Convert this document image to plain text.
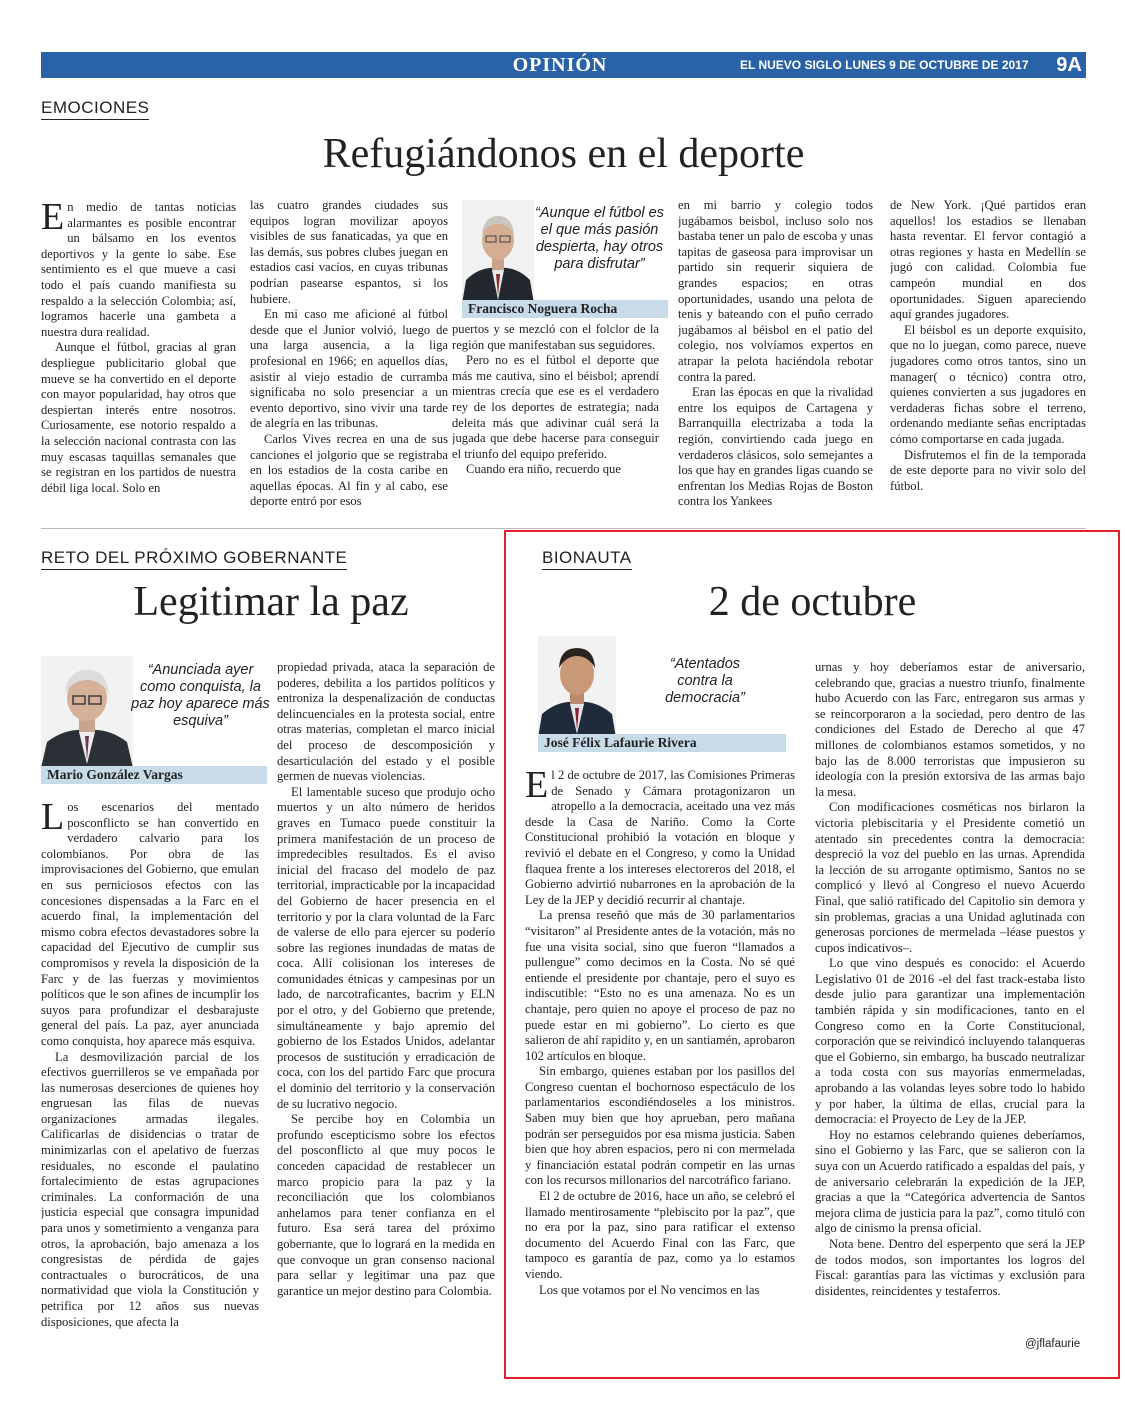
OPINIÓN	EL NUEVO SIGLO LUNES 9 DE OCTUBRE DE 2017	9A
EMOCIONES
Refugiándonos en el deporte

En medio de tantas noticias alarmantes es posible encontrar un bálsamo en los eventos deportivos y la gente lo sabe. Ese sentimiento es el que mueve a casi todo el país cuando manifiesta su respaldo a la selección Colombia; así, logramos hacerle una gambeta a nuestra dura realidad.

Aunque el fútbol, gracias al gran despliegue publicitario global que mueve se ha convertido en el deporte con mayor popularidad, hay otros que despiertan interés entre nosotros. Curiosamente, ese notorio respaldo a la selección nacional contrasta con las muy escasas taquillas semanales que se registran en los partidos de nuestra débil liga local. Solo en

las cuatro grandes ciudades sus equipos logran movilizar apoyos visibles de sus fanaticadas, ya que en las demás, sus pobres clubes juegan en estadios casi vacíos, en cuyas tribunas podrían pasearse espantos, si los hubiere.

En mi caso me aficioné al fútbol desde que el Junior volvió, luego de una larga ausencia, a la liga profesional en 1966; en aquellos días, asistir al viejo estadio de curramba significaba no solo presenciar a un evento deportivo, sino vivir una tarde de alegría en las tribunas.

Carlos Vives recrea en una de sus canciones el jolgorio que se registraba en los estadios de la costa caribe en aquellas épocas. Al fin y al cabo, ese deporte entró por esos

“Aunque el fútbol es el que más pasión despierta, hay otros para disfrutar”
Francisco Noguera Rocha

puertos y se mezcló con el folclor de la región que manifestaban sus seguidores.

Pero no es el fútbol el deporte que más me cautiva, sino el béisbol; aprendí mientras crecía que ese es el verdadero rey de los deportes de estrategia; nada deleita más que adivinar cuál será la jugada que debe hacerse para conseguir el triunfo del equipo preferido.

Cuando era niño, recuerdo que

en mi barrio y colegio todos jugábamos beisbol, incluso solo nos bastaba tener un palo de escoba y unas tapitas de gaseosa para improvisar un partido sin requerir siquiera de grandes espacios; en otras oportunidades, usando una pelota de tenis y bateando con el puño cerrado jugábamos al béisbol en el patio del colegio, nos volvíamos expertos en atrapar la pelota haciéndola rebotar contra la pared.

Eran las épocas en que la rivalidad entre los equipos de Cartagena y Barranquilla electrizaba a toda la región, convirtiendo cada juego en verdaderos clásicos, solo semejantes a los que hay en grandes ligas cuando se enfrentan los Medias Rojas de Boston contra los Yankees

de New York. ¡Qué partidos eran aquellos! los estadios se llenaban hasta reventar. El fervor contagió a otras regiones y hasta en Medellín se jugó con calidad. Colombia fue campeón mundial en dos oportunidades. Siguen apareciendo aquí grandes jugadores.

El béisbol es un deporte exquisito, que no lo juegan, como parece, nueve jugadores como otros tantos, sino un manager( o técnico) contra otro, quienes convierten a sus jugadores en verdaderas fichas sobre el terreno, ordenando mediante señas encriptadas cómo comportarse en cada jugada.

Disfrutemos el fin de la temporada de este deporte para no vivir solo del fútbol.

RETO DEL PRÓXIMO GOBERNANTE
Legitimar la paz
“Anunciada ayer como conquista, la paz hoy aparece más esquiva”
Mario González Vargas

Los escenarios del mentado posconflicto se han convertido en verdadero calvario para los colombianos. Por obra de las improvisaciones del Gobierno, que emulan en sus perniciosos efectos con las concesiones dispensadas a la Farc en el acuerdo final, la implementación del mismo cobra efectos devastadores sobre la capacidad del Ejecutivo de cumplir sus compromisos y revela la disposición de la Farc y de las fuerzas y movimientos políticos que le son afines de incumplir los suyos para profundizar el desbarajuste general del país. La paz, ayer anunciada como conquista, hoy aparece más esquiva.

La desmovilización parcial de los efectivos guerrilleros se ve empañada por las numerosas deserciones de quienes hoy engruesan las filas de nuevas organizaciones armadas ilegales. Calificarlas de disidencias o tratar de minimizarlas con el apelativo de fuerzas residuales, no esconde el paulatino fortalecimiento de estas agrupaciones criminales. La conformación de una justicia especial que consagra impunidad para unos y sometimiento a venganza para otros, la aprobación, bajo amenaza a los congresistas de pérdida de gajes contractuales o burocráticos, de una normatividad que viola la Constitución y petrifica por 12 años sus nuevas disposiciones, que afecta la

propiedad privada, ataca la separación de poderes, debilita a los partidos políticos y entroniza la despenalización de conductas delincuenciales en la protesta social, entre otras materias, completan el marco inicial del proceso de descomposición y desarticulación del estado y el posible germen de nuevas violencias.

El lamentable suceso que produjo ocho muertos y un alto número de heridos graves en Tumaco puede constituir la primera manifestación de un proceso de impredecibles resultados. Es el aviso inicial del fracaso del modelo de paz territorial, impracticable por la incapacidad del Gobierno de hacer presencia en el territorio y por la clara voluntad de la Farc de valerse de ello para ejercer su poderío sobre las regiones inundadas de matas de coca. Allí colisionan los intereses de comunidades étnicas y campesinas por un lado, de narcotraficantes, bacrim y ELN por el otro, y del Gobierno que pretende, simultáneamente y bajo apremio del gobierno de los Estados Unidos, adelantar procesos de sustitución y erradicación de coca, con los del partido Farc que procura el dominio del territorio y la conservación de su lucrativo negocio.

Se percibe hoy en Colombia un profundo escepticismo sobre los efectos del posconflicto al que muy pocos le conceden capacidad de restablecer un marco propicio para la paz y la reconciliación que los colombianos anhelamos para tener confianza en el futuro. Esa será tarea del próximo gobernante, que lo logrará en la medida en que convoque un gran consenso nacional para sellar y legitimar una paz que garantice un mejor destino para Colombia.

BIONAUTA
2 de octubre
“Atentados contra la democracia”
José Félix Lafaurie Rivera

El 2 de octubre de 2017, las Comisiones Primeras de Senado y Cámara protagonizaron un atropello a la democracia, aceitado una vez más desde la Casa de Nariño. Como la Corte Constitucional prohibió la votación en bloque y revivió el debate en el Congreso, y como la Unidad flaquea frente a los intereses electoreros del 2018, el Gobierno advirtió nubarrones en la aprobación de la Ley de la JEP y decidió recurrir al chantaje.

La prensa reseñó que más de 30 parlamentarios “visitaron” al Presidente antes de la votación, más no fue una visita social, sino que fueron “llamados a pullengue” como decimos en la Costa. No sé qué entiende el presidente por chantaje, pero el suyo es indiscutible: “Esto no es una amenaza. No es un chantaje, pero quien no apoye el proceso de paz no puede estar en mi gobierno”. Lo cierto es que salieron de ahí rapidito y, en un santiamén, aprobaron 102 artículos en bloque.

Sin embargo, quienes estaban por los pasillos del Congreso cuentan el bochornoso espectáculo de los parlamentarios escondiéndoseles a los ministros. Saben muy bien que hoy aprueban, pero mañana podrán ser perseguidos por esa misma justicia. Saben bien que hoy abren espacios, pero ni con mermelada y financiación estatal podrán competir en las urnas con los recursos millonarios del narcotráfico fariano.

El 2 de octubre de 2016, hace un año, se celebró el llamado mentirosamente “plebiscito por la paz”, que no era por la paz, sino para ratificar el extenso documento del Acuerdo Final con las Farc, que tampoco es garantía de paz, como ya lo estamos viendo.

Los que votamos por el No vencimos en las

urnas y hoy deberíamos estar de aniversario, celebrando que, gracias a nuestro triunfo, finalmente hubo Acuerdo con las Farc, entregaron sus armas y se reincorporaron a la sociedad, pero dentro de las condiciones del Estado de Derecho al que 47 millones de colombianos estamos sometidos, y no bajo las de 8.000 terroristas que impusieron su ideología con la presión extorsiva de las armas bajo la mesa.

Con modificaciones cosméticas nos birlaron la victoria plebiscitaria y el Presidente cometió un atentado sin precedentes contra la democracia: despreció la voz del pueblo en las urnas. Aprendida la lección de su arrogante optimismo, Santos no se complicó y llevó al Congreso el nuevo Acuerdo Final, que salió ratificado del Capitolio sin demora y sin problemas, gracias a una Unidad aglutinada con generosas porciones de mermelada –léase puestos y cupos indicativos–.

Lo que vino después es conocido: el Acuerdo Legislativo 01 de 2016 -el del fast track-estaba listo desde julio para garantizar una implementación también rápida y sin modificaciones, tanto en el Congreso como en la Corte Constitucional, corporación que se reivindicó incluyendo talanqueras que el Gobierno, sin embargo, ha buscado neutralizar a toda costa con sus mayorías enmermeladas, aprobando a las volandas leyes sobre todo lo habido y por haber, la última de ellas, crucial para la democracia: el Proyecto de Ley de la JEP.

Hoy no estamos celebrando quienes deberíamos, sino el Gobierno y las Farc, que se salieron con la suya con un Acuerdo ratificado a espaldas del país, y de aniversario celebrarán la expedición de la JEP, gracias a que la “Categórica advertencia de Santos mejora clima de justicia para la paz”, como tituló con algo de cinismo la prensa oficial.

Nota bene. Dentro del esperpento que será la JEP de todos modos, son importantes los logros del Fiscal: garantías para las víctimas y exclusión para disidentes, reincidentes y testaferros.

@jflafaurie
